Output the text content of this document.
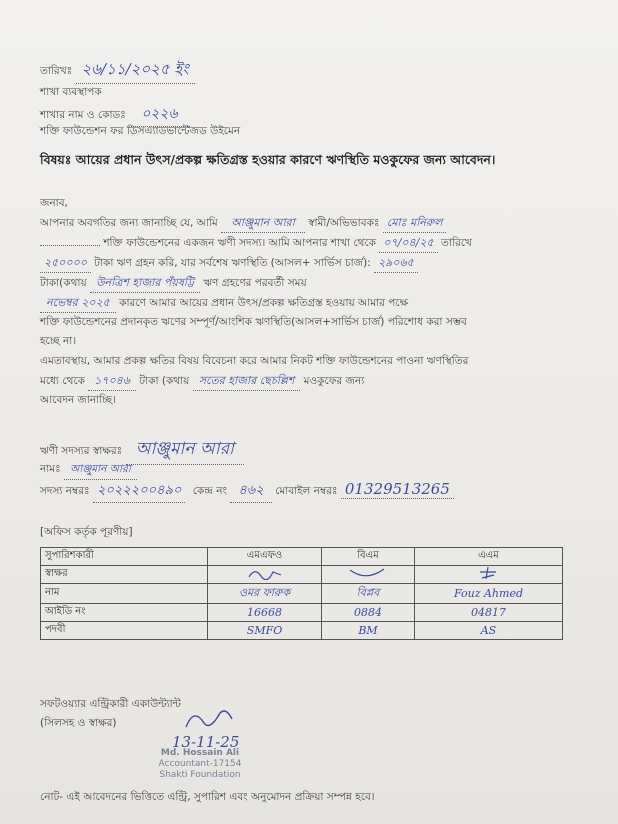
তারিখঃ ২৬/১১/২০২৫ ইং
শাখা ব্যবস্থাপক
শাখার নাম ও কোডঃ ০২২৬
শক্তি ফাউন্ডেশন ফর ডিসএ্যাডভান্টেজড উইমেন
বিষয়ঃ আয়ের প্রধান উৎস/প্রকল্প ক্ষতিগ্রস্ত হওয়ার কারণে ঋণস্থিতি মওকুফের জন্য আবেদন।
জনাব,
আপনার অবগতির জন্য জানাচ্ছি যে, আমি আঞ্জুমান আরা স্বামী/অভিভাবকঃ মোঃ মনিরুল
শক্তি ফাউন্ডেশনের একজন ঋণী সদস্য। আমি আপনার শাখা থেকে ০৭/০৪/২৫ তারিখে
২৫০০০০ টাকা ঋণ গ্রহন করি, যার সর্বশেষ ঋণস্থিতি (আসল+ সার্ভিস চার্জ): ২৯০৬৫
টাকা(কথায় উনত্রিশ হাজার পঁয়ষট্টি ঋণ গ্রহণের পরবর্তী সময়
নভেম্বর ২০২৫ কারণে আমার আয়ের প্রধান উৎস/প্রকল্প ক্ষতিগ্রস্ত হওয়ায় আমার পক্ষে
শক্তি ফাউন্ডেশনের প্রদানকৃত ঋণের সম্পূর্ণ/আংশিক ঋণস্থিতি(আসল+সার্ভিস চার্জ) পরিশোধ করা সম্ভব
হচ্ছে না।
এমতাবস্থায়, আমার প্রকল্প ক্ষতির বিষয় বিবেচনা করে আমার নিকট শক্তি ফাউন্ডেশনের পাওনা ঋণস্থিতির
মধ্যে থেকে ১৭০৪৬ টাকা (কথায় সতের হাজার ছেচল্লিশ মওকুফের জন্য
আবেদন জানাচ্ছি।
ঋণী সদস্যর স্বাক্ষরঃ আঞ্জুমান আরা
নামঃ আঞ্জুমান আরা
সদস্য নম্বরঃ ২০২২২০০৪৯০ কেন্দ্র নং ৪৬২ মোবাইল নম্বরঃ 01329513265
[অফিস কর্তৃক পূরণীয়]
সুপারিশকারী	এমএফও	বিএম	এএম
স্বাক্ষর			
নাম	ওমর ফারুক	বিপ্লব	Fouz Ahmed
আইডি নং	16668	0884	04817
পদবী	SMFO	BM	AS
সফটওয়্যার এন্ট্রিকারী একাউন্ট্যান্ট
(সিলসহ ও স্বাক্ষর)
13-11-25
Md. Hossain Ali
Accountant-17154
Shakti Foundation
নোট- এই আবেদনের ভিত্তিতে এন্ট্রি, সুপারিশ এবং অনুমোদন প্রক্রিয়া সম্পন্ন হবে।
